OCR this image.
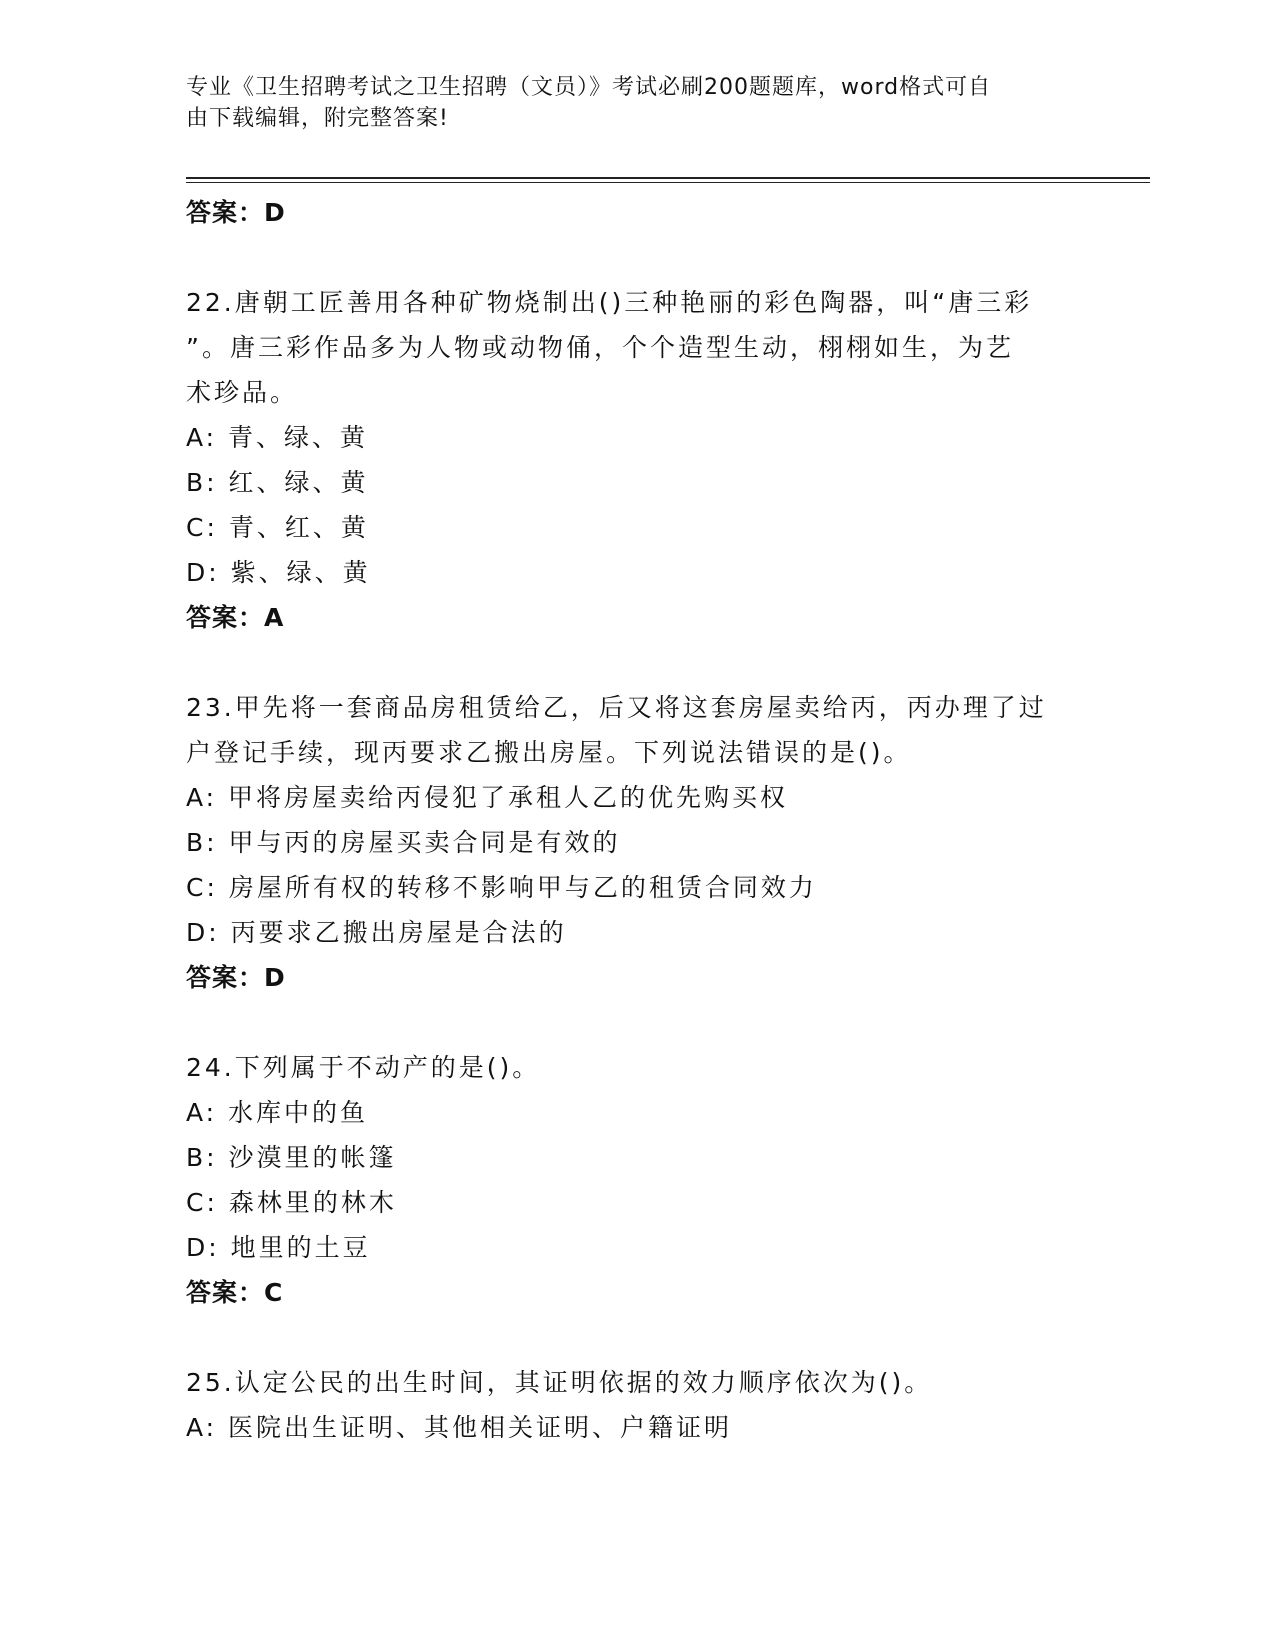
专业《卫生招聘考试之卫生招聘（文员）》考试必刷200题题库，word格式可自
由下载编辑，附完整答案!
答案：D
22.唐朝工匠善用各种矿物烧制出()三种艳丽的彩色陶器，叫“唐三彩
”。唐三彩作品多为人物或动物俑，个个造型生动，栩栩如生，为艺
术珍品。
A: 青、绿、黄
B: 红、绿、黄
C: 青、红、黄
D: 紫、绿、黄
答案：A
23.甲先将一套商品房租赁给乙，后又将这套房屋卖给丙，丙办理了过
户登记手续，现丙要求乙搬出房屋。下列说法错误的是()。
A: 甲将房屋卖给丙侵犯了承租人乙的优先购买权
B: 甲与丙的房屋买卖合同是有效的
C: 房屋所有权的转移不影响甲与乙的租赁合同效力
D: 丙要求乙搬出房屋是合法的
答案：D
24.下列属于不动产的是()。
A: 水库中的鱼
B: 沙漠里的帐篷
C: 森林里的林木
D: 地里的土豆
答案：C
25.认定公民的出生时间，其证明依据的效力顺序依次为()。
A: 医院出生证明、其他相关证明、户籍证明
